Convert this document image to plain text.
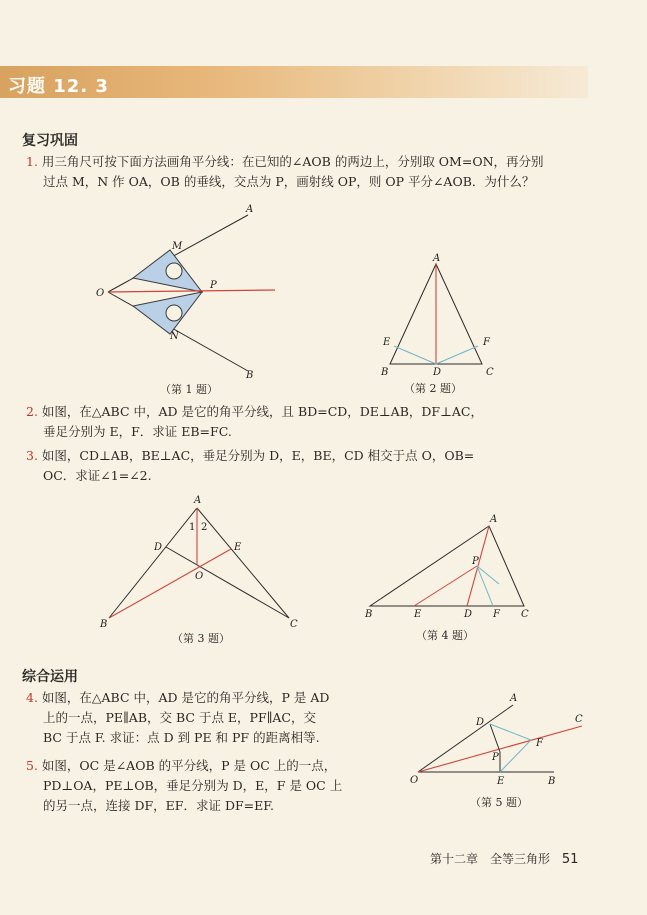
习题 12. 3
复习巩固
1. 用三角尺可按下面方法画角平分线：在已知的∠AOB 的两边上，分别取 OM=ON，再分别
过点 M，N 作 OA，OB 的垂线，交点为 P，画射线 OP，则 OP 平分∠AOB．为什么？
A
M
O
P
N
B
A
E	F
B	D	C
A
1 2
D	E
O
B	C
A
P
B	E	D F C
A
C
D
F
P
O	E	B
（第 1 题）	（第 2 题）
2. 如图，在△ABC 中，AD 是它的角平分线，且 BD=CD，DE⊥AB，DF⊥AC，
垂足分别为 E，F．求证 EB=FC.
3. 如图，CD⊥AB，BE⊥AC，垂足分别为 D，E，BE，CD 相交于点 O，OB=
OC．求证∠1=∠2.
（第 3 题）	（第 4 题）
综合运用
4. 如图，在△ABC 中，AD 是它的角平分线，P 是 AD
上的一点，PE∥AB，交 BC 于点 E，PF∥AC，交
BC 于点 F. 求证：点 D 到 PE 和 PF 的距离相等.
5. 如图，OC 是∠AOB 的平分线，P 是 OC 上的一点，
PD⊥OA，PE⊥OB，垂足分别为 D，E，F 是 OC 上
的另一点，连接 DF，EF．求证 DF=EF.	（第 5 题）
第十二章　全等三角形 51
